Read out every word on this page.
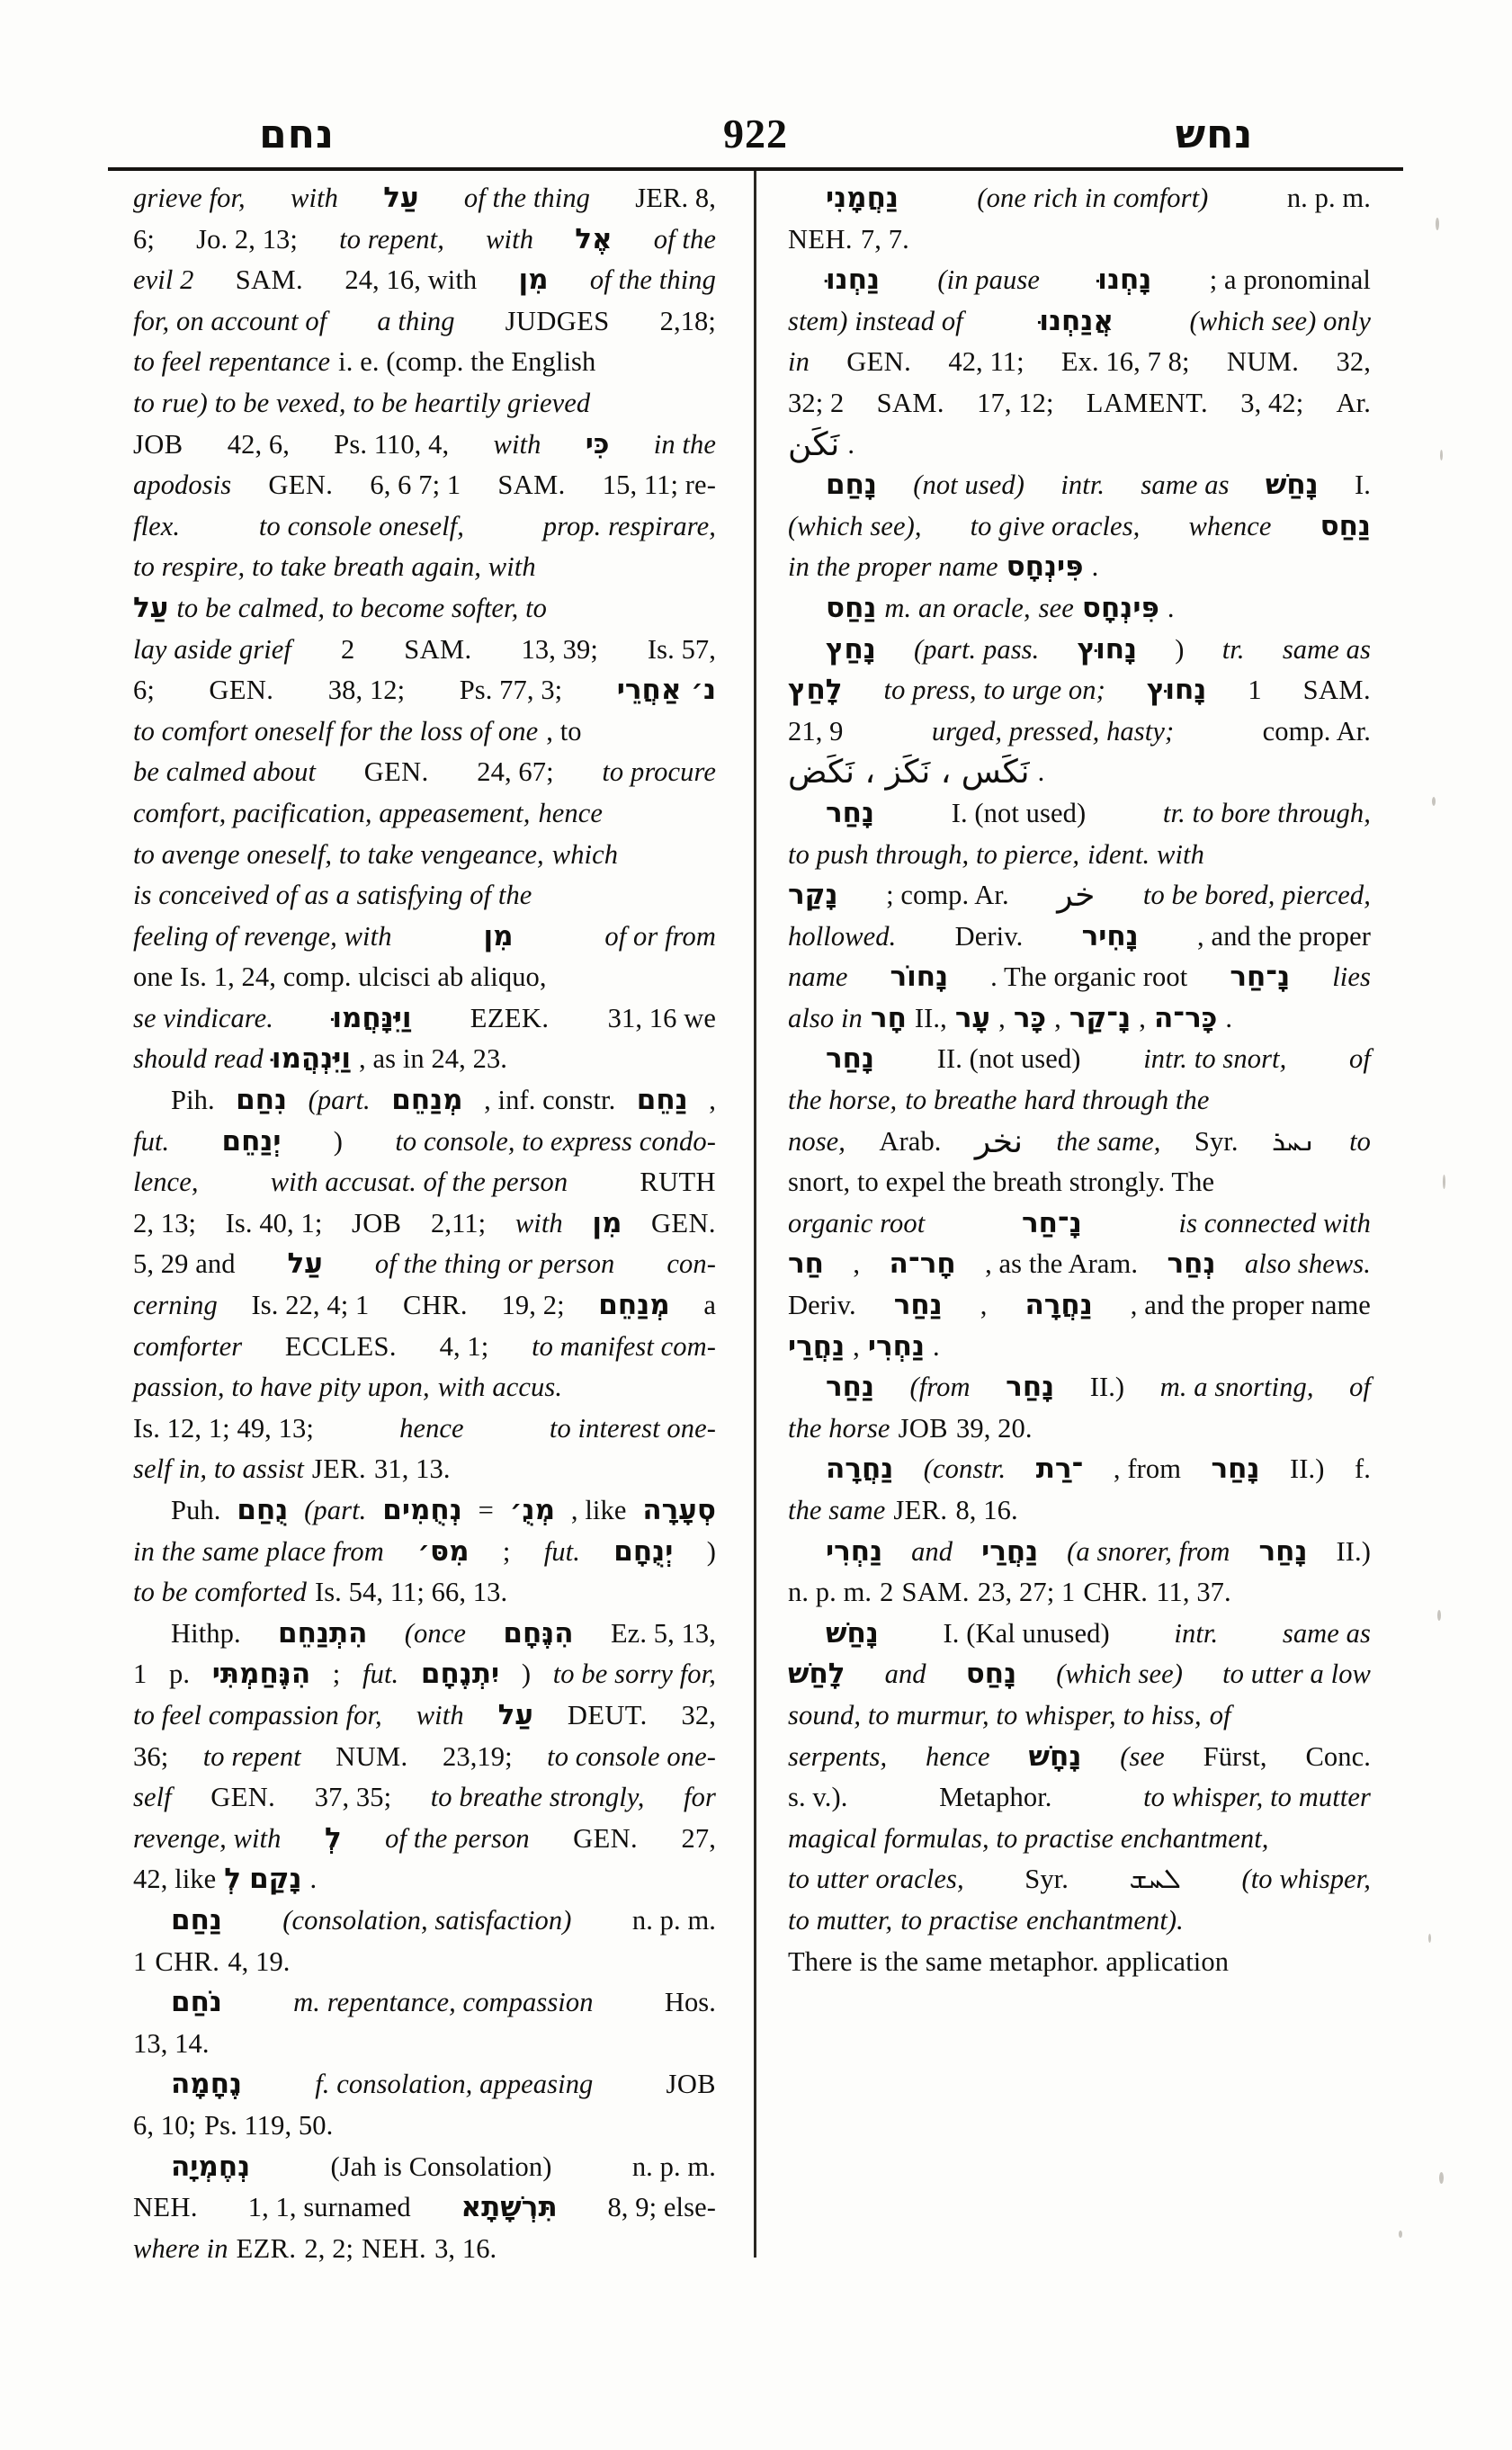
נחם	922	נחש
grieve for, with עַל of the thing JER. 8,
6; Jo. 2, 13; to repent, with אֶל of the
evil 2 SAM. 24, 16, with מִן of the thing
for, on account of a thing JUDGES 2,18;
to feel repentance i. e. (comp. the English
to rue) to be vexed, to be heartily grieved
JOB 42, 6, Ps. 110, 4, with כִּי in the
apodosis GEN. 6, 6 7; 1 SAM. 15, 11; re-
flex.	to console oneself,	prop. respirare,
to respire, to take breath again, with
עַל to be calmed, to become softer, to
lay aside grief 2 SAM. 13, 39; Is. 57,
6; GEN. 38, 12; Ps. 77, 3; נ׳ אַחֲרֵי
to comfort oneself for the loss of one , to
be calmed about GEN. 24, 67; to procure
comfort, pacification, appeasement, hence
to avenge oneself, to take vengeance, which
is conceived of as a satisfying of the
feeling of revenge, with	מִן	of or from
one Is. 1, 24, comp. ulcisci ab aliquo,
se vindicare. וַיִּנָּחֲמוּ EZEK. 31, 16 we
should read וַיִּנְהֲמוּ , as in 24, 23.
Pih. נִחַם (part. מְנַחֵם , inf. constr. נַחֵם ,
fut. יְנַחֵם ) to console, to express condo-
lence,	with accusat. of the person	RUTH
2, 13; Is. 40, 1; JOB 2,11; with מִן GEN.
5, 29 and עַל of the thing or person con-
cerning Is. 22, 4; 1 CHR. 19, 2; מְנַחֵם a
comforter ECCLES. 4, 1; to manifest com-
passion, to have pity upon, with accus.
Is. 12, 1; 49, 13;	hence	to interest one-
self in, to assist JER. 31, 13.
Puh. נֻחַם (part. נְחֻמִים = מְנֻ׳ , like סְעָרָה
in the same place from מִסּ׳ ; fut. יְנֻחָם )
to be comforted Is. 54, 11; 66, 13.
Hithp. הִתְנַחֵם (once הִנֶּחָם Ez. 5, 13,
1 p. הִנֶּחַמְתִּי ; fut. יִתְנֶחָם ) to be sorry for,
to feel compassion for, with עַל DEUT. 32,
36; to repent NUM. 23,19; to console one-
self GEN. 37, 35; to breathe strongly, for
revenge, with לְ of the person GEN. 27,
42, like לְ נָקַם .
נַחַם (consolation, satisfaction) n. p. m.
1 CHR. 4, 19.
נֹחַם	m. repentance, compassion	Hos.
13, 14.
נֶחָמָה	f. consolation, appeasing	JOB
6, 10; Ps. 119, 50.
נְחֶמְיָה	(Jah is Consolation)	n. p. m.
NEH. 1, 1, surnamed תִּרְשָׁתָא 8, 9; else-
where in EZR. 2, 2; NEH. 3, 16.
נַחֲמָנִי	(one rich in comfort)	n. p. m.
NEH. 7, 7.
נַחְנוּ (in pause נָחְנוּ ; a pronominal
stem) instead of	אֲנַחְנוּ	(which see) only
in GEN. 42, 11; Ex. 16, 7 8; NUM. 32,
32; 2 SAM. 17, 12; LAMENT. 3, 42; Ar.
نَكَن .
נָחַם (not used) intr. same as נָחַשׁ I.
(which see), to give oracles, whence נַחַס
in the proper name פִּינְחָס .
נַחַס m. an oracle, see פִּינְחָס .
נָחַץ (part. pass. נָחוּץ ) tr. same as
לָחַץ to press, to urge on; נָחוּץ 1 SAM.
21, 9	urged, pressed, hasty;	comp. Ar.
نَكَس ، نَكَز ، نَكَض .
נָחַר	I. (not used)	tr. to bore through,
to push through, to pierce, ident. with
נָקַר ; comp. Ar. خر to be bored, pierced,
hollowed. Deriv. נָחִיר , and the proper
name נָחוֹר . The organic root נָ־חַר lies
also in חָר II., עָר , כָּר , נָ־קַר , כָּר־ה .
נָחַר II. (not used) intr. to snort, of
the horse, to breathe hard through the
nose, Arab. نخر the same, Syr. ܢܚܪ to
snort, to expel the breath strongly. The
organic root	נָ־חַר	is connected with
חַר , חָר־ה , as the Aram. נְחַר also shews.
Deriv. נַחַר , נַחֲרָה , and the proper name
נַחֲרַי , נַחְרִי .
נַחַר (from נָחַר II.) m. a snorting, of
the horse JOB 39, 20.
נַחֲרָה (constr. ־רַת , from נָחַר II.) f.
the same JER. 8, 16.
נַחְרִי and נַחֲרַי (a snorer, from נָחַר II.)
n. p. m. 2 SAM. 23, 27; 1 CHR. 11, 37.
נָחַשׁ I. (Kal unused) intr. same as
לָחַשׁ and נָחַס (which see) to utter a low
sound, to murmur, to whisper, to hiss, of
serpents, hence נָחָשׁ (see Fürst, Conc.
s. v.).	Metaphor.	to whisper, to mutter
magical formulas, to practise enchantment,
to utter oracles, Syr. ܠܚܫ (to whisper,
to mutter, to practise enchantment).
There is the same metaphor. application
